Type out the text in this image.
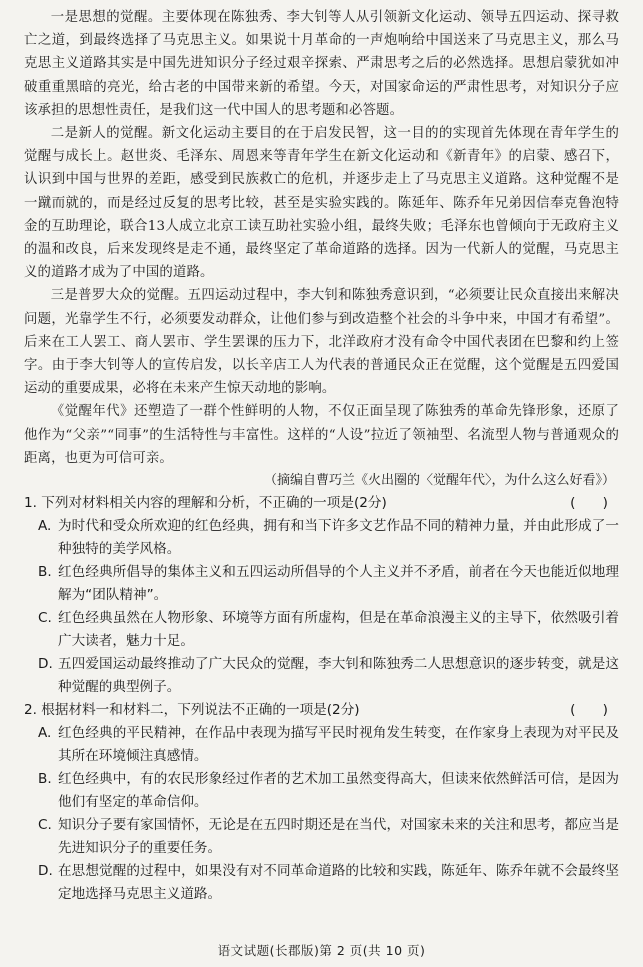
一是思想的觉醒。主要体现在陈独秀、李大钊等人从引领新文化运动、领导五四运动、探寻救亡之道，到最终选择了马克思主义。如果说十月革命的一声炮响给中国送来了马克思主义，那么马克思主义道路其实是中国先进知识分子经过艰辛探索、严肃思考之后的必然选择。思想启蒙犹如冲破重重黑暗的亮光，给古老的中国带来新的希望。今天，对国家命运的严肃性思考，对知识分子应该承担的思想性责任，是我们这一代中国人的思考题和必答题。

二是新人的觉醒。新文化运动主要目的在于启发民智，这一目的的实现首先体现在青年学生的觉醒与成长上。赵世炎、毛泽东、周恩来等青年学生在新文化运动和《新青年》的启蒙、感召下，认识到中国与世界的差距，感受到民族救亡的危机，并逐步走上了马克思主义道路。这种觉醒不是一蹴而就的，而是经过反复的思考比较，甚至是实验实践的。陈延年、陈乔年兄弟因信奉克鲁泡特金的互助理论，联合13人成立北京工读互助社实验小组，最终失败；毛泽东也曾倾向于无政府主义的温和改良，后来发现终是走不通，最终坚定了革命道路的选择。因为一代新人的觉醒，马克思主义的道路才成为了中国的道路。

三是普罗大众的觉醒。五四运动过程中，李大钊和陈独秀意识到，“必须要让民众直接出来解决问题，光靠学生不行，必须要发动群众，让他们参与到改造整个社会的斗争中来，中国才有希望”。后来在工人罢工、商人罢市、学生罢课的压力下，北洋政府才没有命令中国代表团在巴黎和约上签字。由于李大钊等人的宣传启发，以长辛店工人为代表的普通民众正在觉醒，这个觉醒是五四爱国运动的重要成果，必将在未来产生惊天动地的影响。

《觉醒年代》还塑造了一群个性鲜明的人物，不仅正面呈现了陈独秀的革命先锋形象，还原了他作为“父亲”“同事”的生活特性与丰富性。这样的“人设”拉近了领袖型、名流型人物与普通观众的距离，也更为可信可亲。

（摘编自曹巧兰《火出圈的〈觉醒年代〉，为什么这么好看》）

1. 下列对材料相关内容的理解和分析，不正确的一项是(2分)	(　　)
A. 为时代和受众所欢迎的红色经典，拥有和当下许多文艺作品不同的精神力量，并由此形成了一种独特的美学风格。
B. 红色经典所倡导的集体主义和五四运动所倡导的个人主义并不矛盾，前者在今天也能近似地理解为“团队精神”。
C. 红色经典虽然在人物形象、环境等方面有所虚构，但是在革命浪漫主义的主导下，依然吸引着广大读者，魅力十足。
D. 五四爱国运动最终推动了广大民众的觉醒，李大钊和陈独秀二人思想意识的逐步转变，就是这种觉醒的典型例子。
2. 根据材料一和材料二，下列说法不正确的一项是(2分)	(　　)
A. 红色经典的平民精神，在作品中表现为描写平民时视角发生转变，在作家身上表现为对平民及其所在环境倾注真感情。
B. 红色经典中，有的农民形象经过作者的艺术加工虽然变得高大，但读来依然鲜活可信，是因为他们有坚定的革命信仰。
C. 知识分子要有家国情怀，无论是在五四时期还是在当代，对国家未来的关注和思考，都应当是先进知识分子的重要任务。
D. 在思想觉醒的过程中，如果没有对不同革命道路的比较和实践，陈延年、陈乔年就不会最终坚定地选择马克思主义道路。
语文试题(长郡版)第 2 页(共 10 页)
